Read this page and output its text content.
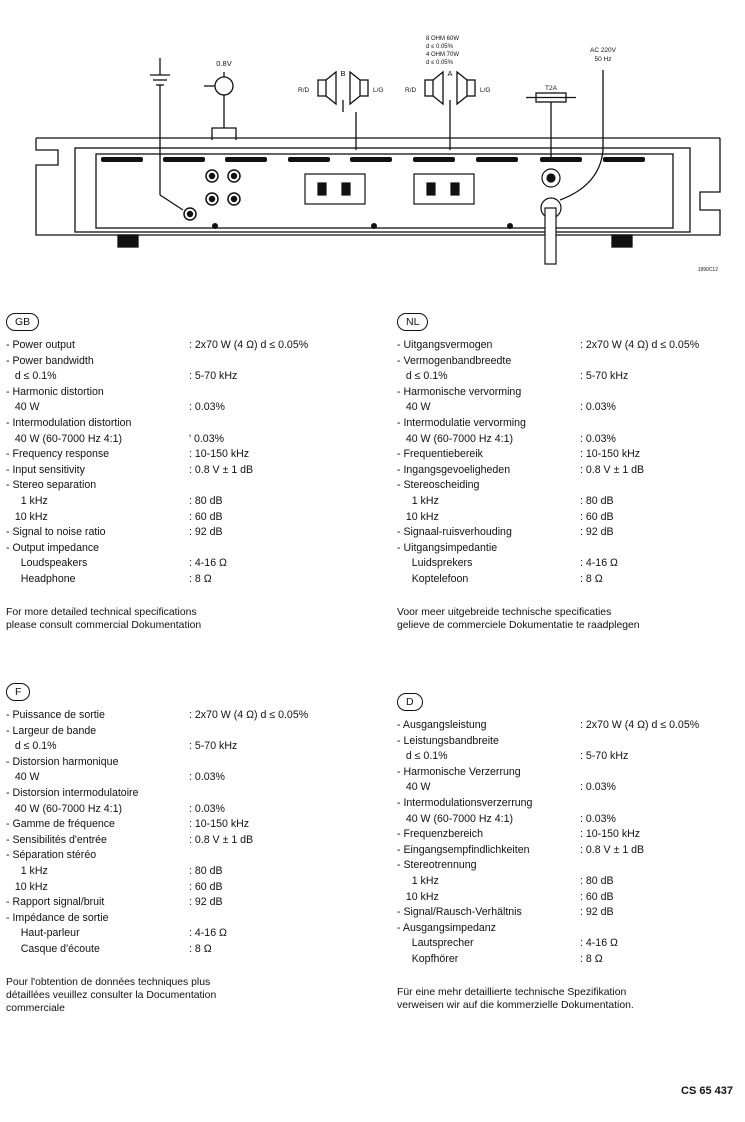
0.8V
B	A
R/D	L/G	R/D	L/G
8 OHM 60W
d ≤ 0.05%
4 OHM 70W
d ≤ 0.05%
T2A
AC 220V
50 Hz
1990C12
GB
- Power output	: 2x70 W (4 Ω) d ≤ 0.05%
- Power bandwidth
d ≤ 0.1%	: 5-70 kHz
- Harmonic distortion
40 W	: 0.03%
- Intermodulation distortion
40 W (60-7000 Hz 4:1)	' 0.03%
- Frequency response	: 10-150 kHz
- Input sensitivity	: 0.8 V ± 1 dB
- Stereo separation
1 kHz	: 80 dB
10 kHz	: 60 dB
- Signal to noise ratio	: 92 dB
- Output impedance
Loudspeakers	: 4-16 Ω
Headphone	: 8 Ω
For more detailed technical specifications
please consult commercial Dokumentation
NL
- Uitgangsvermogen	: 2x70 W (4 Ω) d ≤ 0.05%
- Vermogenbandbreedte
d ≤ 0.1%	: 5-70 kHz
- Harmonische vervorming
40 W	: 0.03%
- Intermodulatie vervorming
40 W (60-7000 Hz 4:1)	: 0.03%
- Frequentiebereik	: 10-150 kHz
- Ingangsgevoeligheden	: 0.8 V ± 1 dB
- Stereoscheiding
1 kHz	: 80 dB
10 kHz	: 60 dB
- Signaal-ruisverhouding	: 92 dB
- Uitgangsimpedantie
Luidsprekers	: 4-16 Ω
Koptelefoon	: 8 Ω
Voor meer uitgebreide technische specificaties
gelieve de commerciele Dokumentatie te raadplegen
F
- Puissance de sortie	: 2x70 W (4 Ω) d ≤ 0.05%
- Largeur de bande
d ≤ 0.1%	: 5-70 kHz
- Distorsion harmonique
40 W	: 0.03%
- Distorsion intermodulatoire
40 W (60-7000 Hz 4:1)	: 0.03%
- Gamme de fréquence	: 10-150 kHz
- Sensibilités d'entrée	: 0.8 V ± 1 dB
- Séparation stéréo
1 kHz	: 80 dB
10 kHz	: 60 dB
- Rapport signal/bruit	: 92 dB
- Impédance de sortie
Haut-parleur	: 4-16 Ω
Casque d'écoute	: 8 Ω
Pour l'obtention de données techniques plus
détaillées veuillez consulter la Documentation
commerciale
D
- Ausgangsleistung	: 2x70 W (4 Ω) d ≤ 0.05%
- Leistungsbandbreite
d ≤ 0.1%	: 5-70 kHz
- Harmonische Verzerrung
40 W	: 0.03%
- Intermodulationsverzerrung
40 W (60-7000 Hz 4:1)	: 0.03%
- Frequenzbereich	: 10-150 kHz
- Eingangsempfindlichkeiten	: 0.8 V ± 1 dB
- Stereotrennung
1 kHz	: 80 dB
10 kHz	: 60 dB
- Signal/Rausch-Verhältnis	: 92 dB
- Ausgangsimpedanz
Lautsprecher	: 4-16 Ω
Kopfhörer	: 8 Ω
Für eine mehr detaillierte technische Spezifikation
verweisen wir auf die kommerzielle Dokumentation.
CS 65 437
